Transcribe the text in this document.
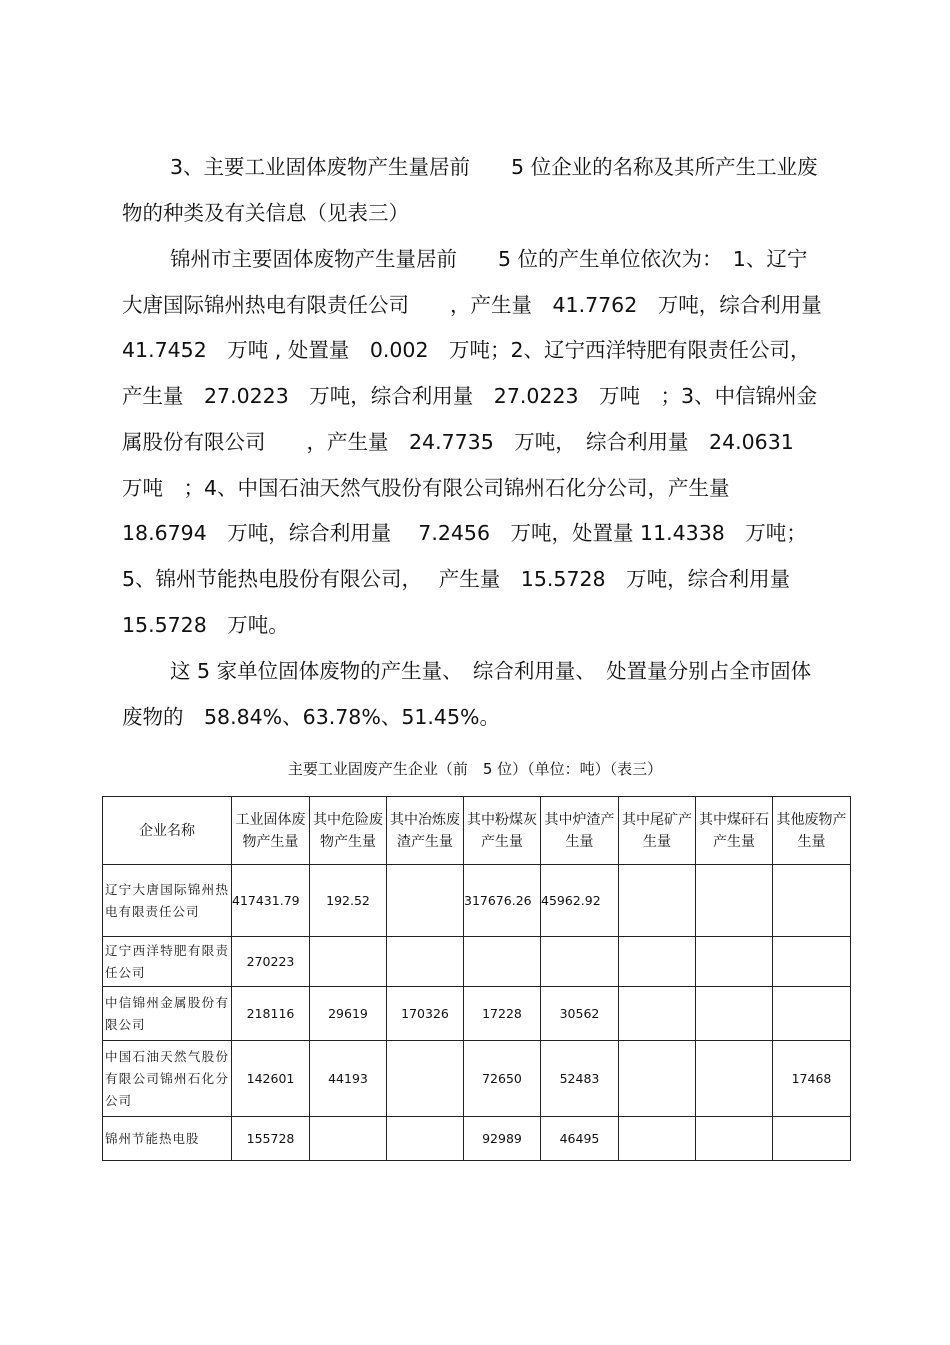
3、主要工业固体废物产生量居前　　5 位企业的名称及其所产生工业废物的种类及有关信息（见表三）

锦州市主要固体废物产生量居前　　5 位的产生单位依次为：　1、辽宁大唐国际锦州热电有限责任公司　　，产生量　41.7762　万吨，综合利用量　41.7452　万吨 , 处置量　0.002　万吨；2、辽宁西洋特肥有限责任公司，　产生量　27.0223　万吨，综合利用量　27.0223　万吨　；3、中信锦州金属股份有限公司　　，产生量　24.7735　万吨，　综合利用量　24.0631　万吨　；4、中国石油天然气股份有限公司锦州石化分公司，产生量　 18.6794　万吨，综合利用量　 7.2456　万吨，处置量 11.4338　万吨；5、锦州节能热电股份有限公司，　 产生量　15.5728　万吨，综合利用量　 15.5728　万吨。

这 5 家单位固体废物的产生量、　综合利用量、　处置量分别占全市固体废物的　58.84%、63.78%、51.45%。

主要工业固废产生企业（前　5 位）（单位：吨）（表三）

企业名称	工业固体废物产生量	其中危险废物产生量	其中冶炼废渣产生量	其中粉煤灰产生量	其中炉渣产生量	其中尾矿产生量	其中煤矸石产生量	其他废物产生量
辽宁大唐国际锦州热电有限责任公司	417431.79	192.52		317676.26	45962.92			
辽宁西洋特肥有限责任公司	270223							
中信锦州金属股份有限公司	218116	29619	170326	17228	30562			
中国石油天然气股份有限公司锦州石化分公司	142601	44193		72650	52483			17468
锦州节能热电股	155728			92989	46495			
